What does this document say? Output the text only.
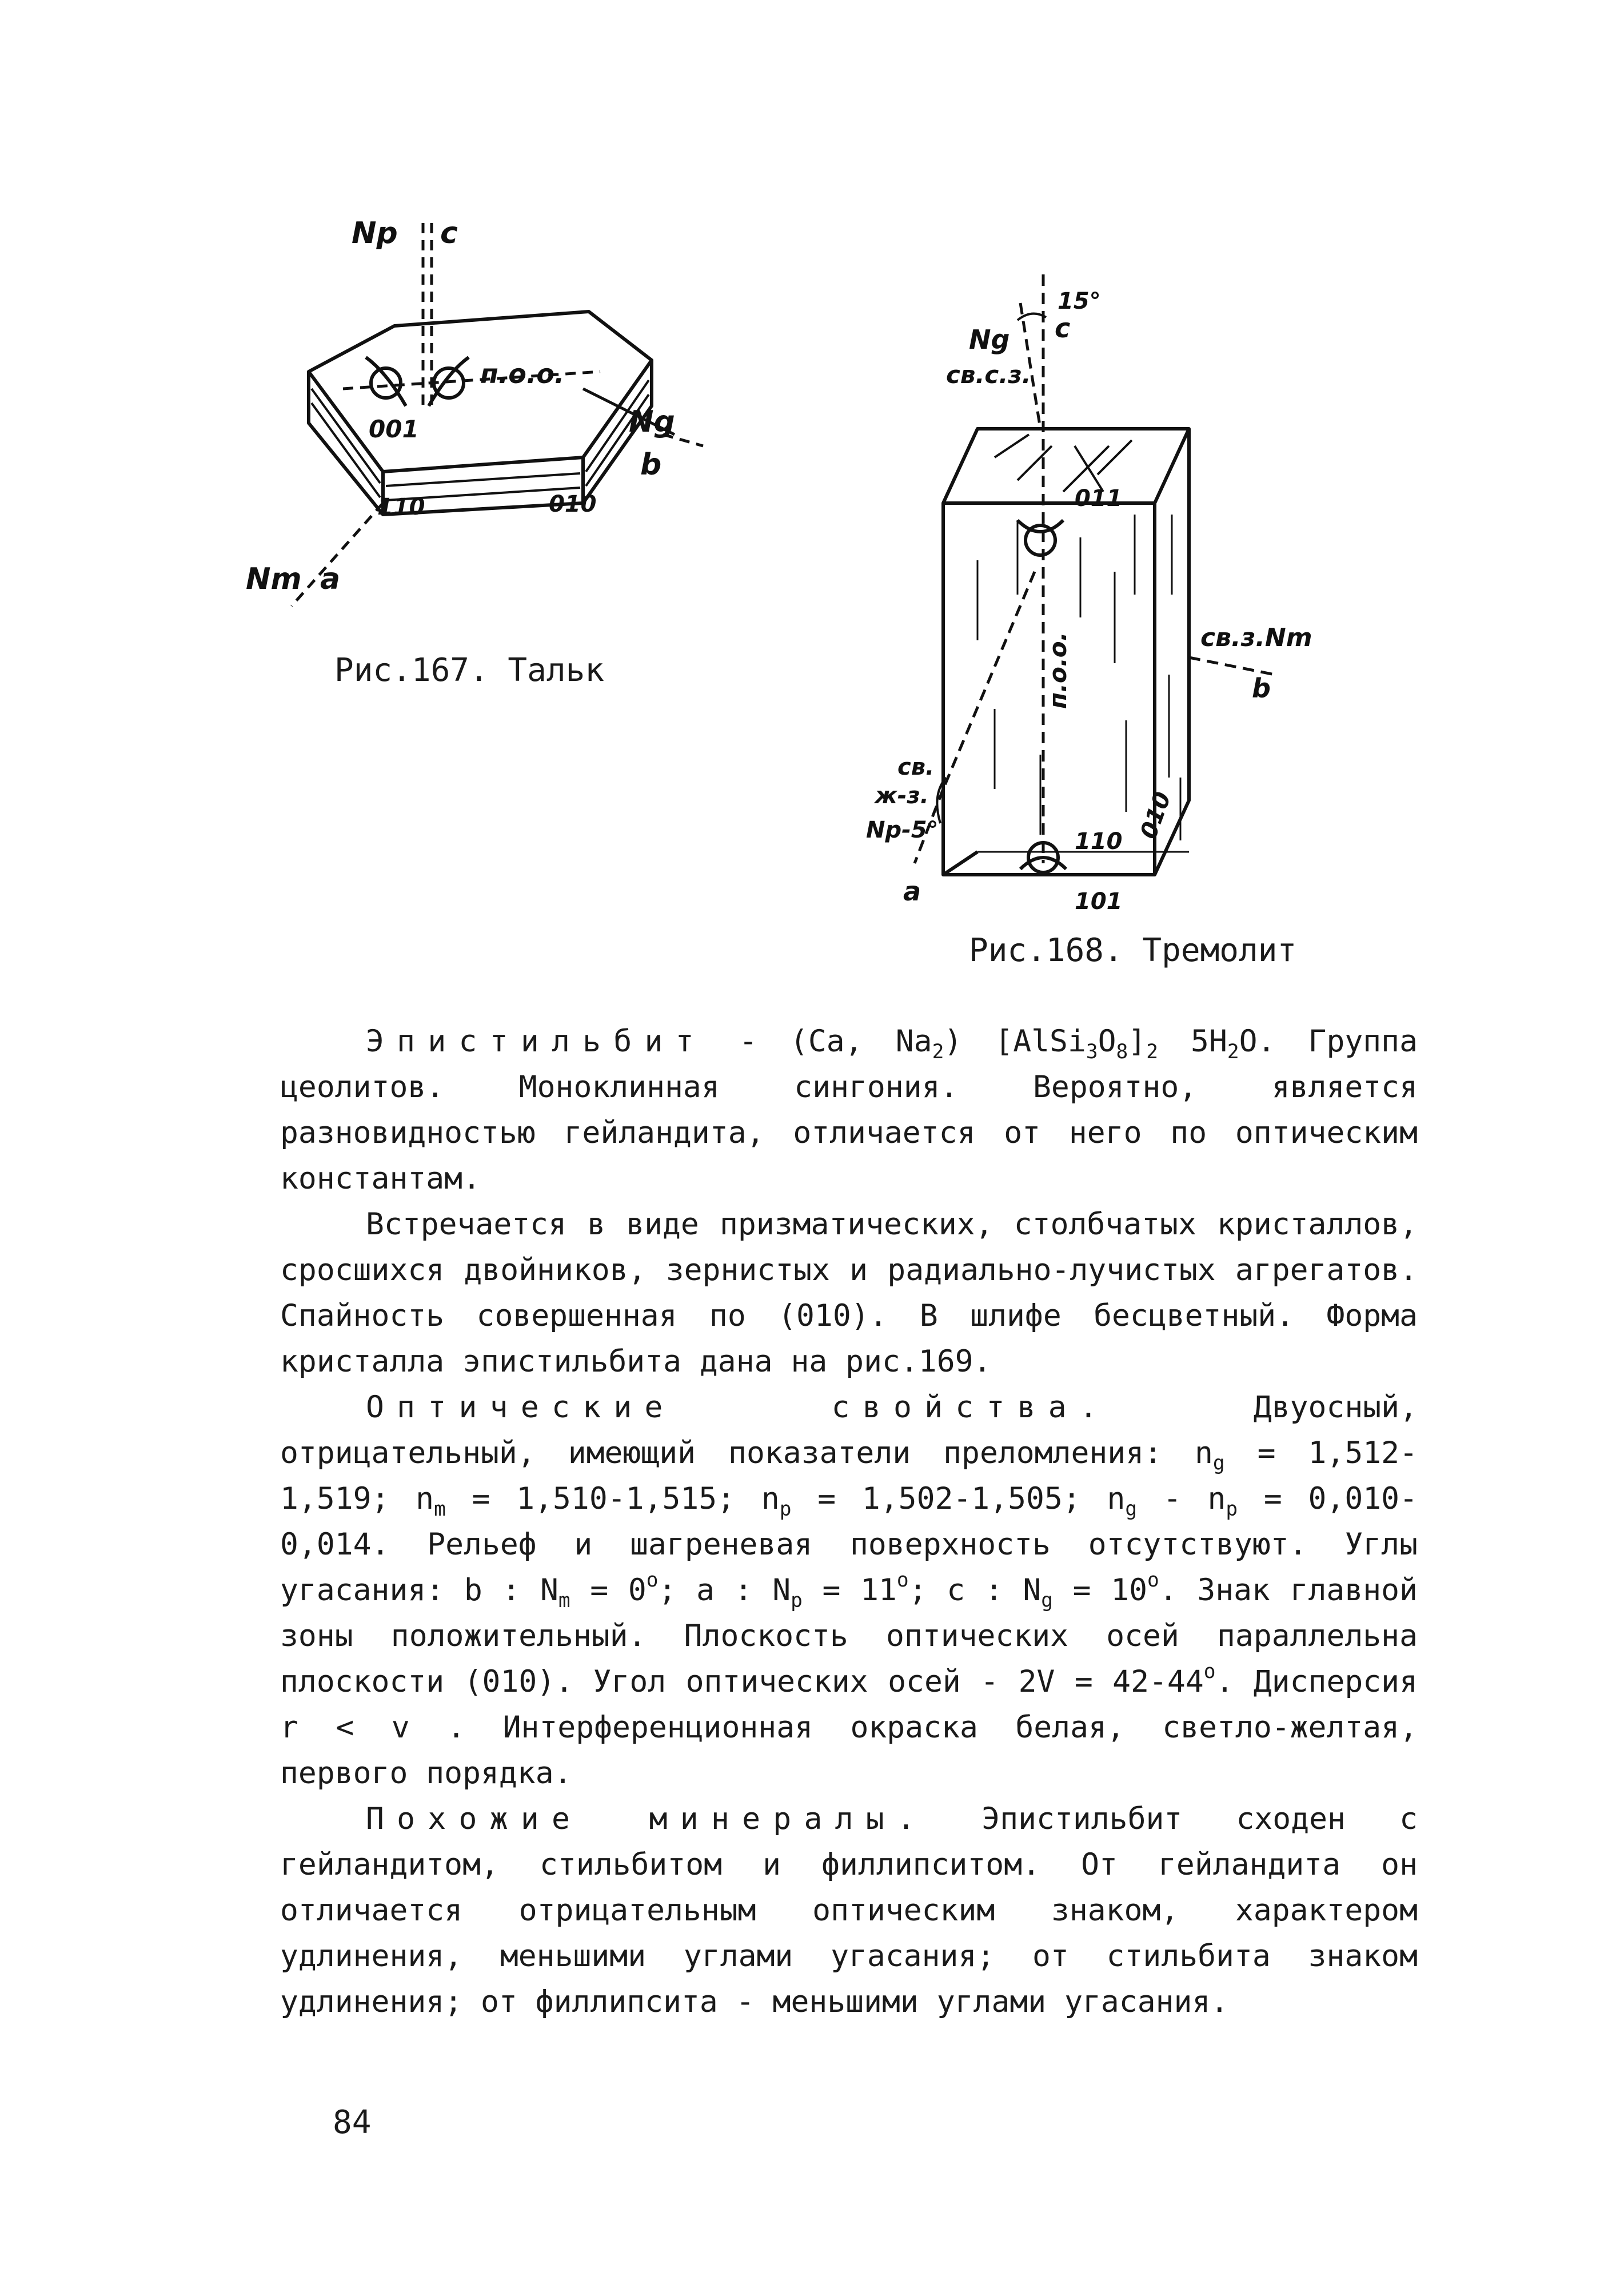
Np c
п.о.о.
001	Ng
b
110	010
Nm a
Рис.167. Тальк
15°
Ng c
св.с.з.
011
св.з.Nm
b
п.о.о.
010
св.
ж-з.
Np-5°	110
a	101
Рис.168. Тремолит

Эпистильбит - (Ca, $Na_2$) $[AlSi_3O_8]_2$ $5H_2O$. Группа цеолитов. Моноклинная сингония. Вероятно, является разновидностью гейландита, отличается от него по оптическим константам.

Встречается в виде призматических, столбчатых кристаллов, сросшихся двойников, зернистых и радиально-лучистых агрегатов. Спайность совершенная по (010). В шлифе бесцветный. Форма кристалла эпистильбита дана на рис.169.

Оптические свойства. Двуосный, отрицательный, имеющий показатели преломления: $n_g = 1,512-1,519$; $n_m = 1,510-1,515$; $n_p = 1,502-1,505$; $n_g - n_p = 0,010-0,014$. Рельеф и шагреневая поверхность отсутствуют. Углы угасания: b : $N_m = 0^o$; a : $N_p = 11^o$; c : $N_g = 10^o$. Знак главной зоны положительный. Плоскость оптических осей параллельна плоскости (010). Угол оптических осей - $2V = 42-44^o$. Дисперсия r < v . Интерференционная окраска белая, светло-желтая, первого порядка.

Похожие минералы. Эпистильбит сходен с гейландитом, стильбитом и филлипситом. От гейландита он отличается отрицательным оптическим знаком, характером удлинения, меньшими углами угасания; от стильбита знаком удлинения; от филлипсита - меньшими углами угасания.

84
